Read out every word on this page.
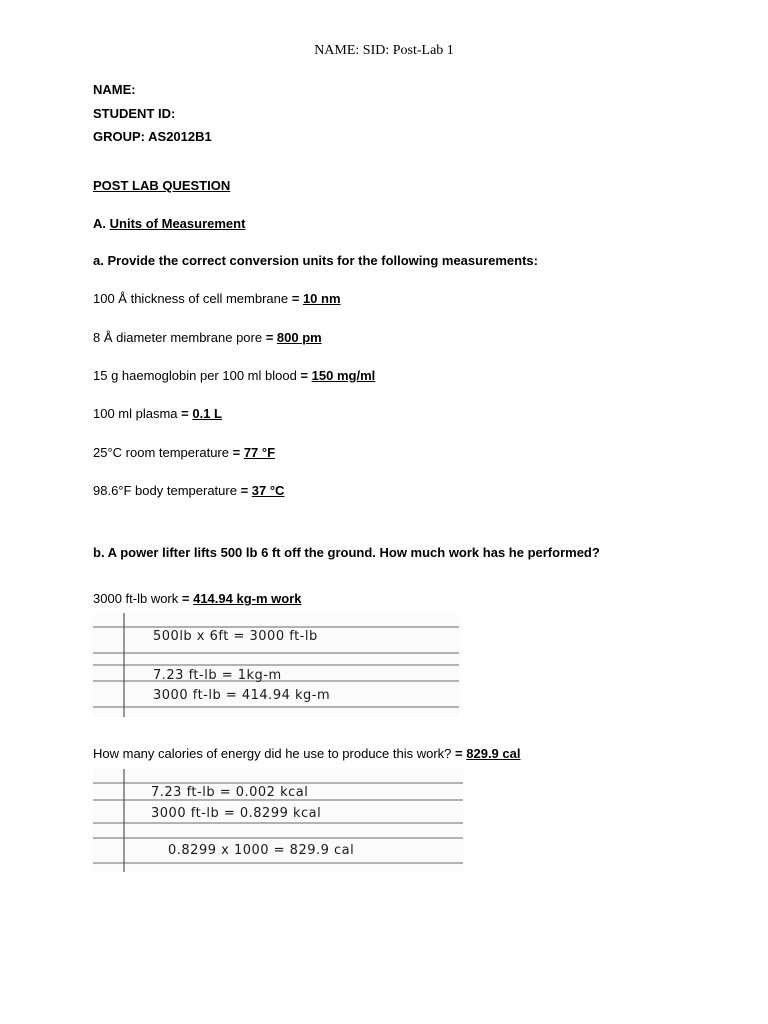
NAME: SID: Post-Lab 1
NAME:
STUDENT ID:
GROUP: AS2012B1
POST LAB QUESTION
A. Units of Measurement
a. Provide the correct conversion units for the following measurements:
100 Å thickness of cell membrane = 10 nm
8 Å diameter membrane pore = 800 pm
15 g haemoglobin per 100 ml blood = 150 mg/ml
100 ml plasma = 0.1 L
25°C room temperature = 77 °F
98.6°F body temperature = 37 °C
b. A power lifter lifts 500 lb 6 ft off the ground. How much work has he performed?
3000 ft-lb work = 414.94 kg-m work
500lb x 6ft = 3000 ft-lb
7.23 ft-lb = 1kg-m
3000 ft-lb = 414.94 kg-m
How many calories of energy did he use to produce this work? = 829.9 cal
7.23 ft-lb = 0.002 kcal
3000 ft-lb = 0.8299 kcal
0.8299 x 1000 = 829.9 cal
